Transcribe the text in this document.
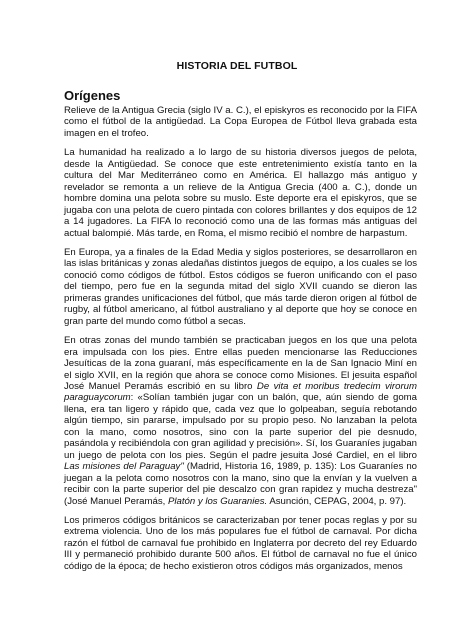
HISTORIA DEL FUTBOL
Orígenes

Relieve de la Antigua Grecia (siglo IV a. C.), el episkyros es reconocido por la FIFA como el fútbol de la antigüedad. La Copa Europea de Fútbol lleva grabada esta imagen en el trofeo.

La humanidad ha realizado a lo largo de su historia diversos juegos de pelota, desde la Antigüedad. Se conoce que este entretenimiento existía tanto en la cultura del Mar Mediterráneo como en América. El hallazgo más antiguo y revelador se remonta a un relieve de la Antigua Grecia (400 a. C.), donde un hombre domina una pelota sobre su muslo. Este deporte era el episkyros, que se jugaba con una pelota de cuero pintada con colores brillantes y dos equipos de 12 a 14 jugadores. La FIFA lo reconoció como una de las formas más antiguas del actual balompié. Más tarde, en Roma, el mismo recibió el nombre de harpastum.

En Europa, ya a finales de la Edad Media y siglos posteriores, se desarrollaron en las islas británicas y zonas aledañas distintos juegos de equipo, a los cuales se los conoció como códigos de fútbol. Estos códigos se fueron unificando con el paso del tiempo, pero fue en la segunda mitad del siglo XVII cuando se dieron las primeras grandes unificaciones del fútbol, que más tarde dieron origen al fútbol de rugby, al fútbol americano, al fútbol australiano y al deporte que hoy se conoce en gran parte del mundo como fútbol a secas.

En otras zonas del mundo también se practicaban juegos en los que una pelota era impulsada con los pies. Entre ellas pueden mencionarse las Reducciones Jesuíticas de la zona guaraní, más específicamente en la de San Ignacio Miní en el siglo XVII, en la región que ahora se conoce como Misiones. El jesuita español José Manuel Peramás escribió en su libro De vita et moribus tredecim virorum paraguaycorum: «Solían también jugar con un balón, que, aún siendo de goma llena, era tan ligero y rápido que, cada vez que lo golpeaban, seguía rebotando algún tiempo, sin pararse, impulsado por su propio peso. No lanzaban la pelota con la mano, como nosotros, sino con la parte superior del pie desnudo, pasándola y recibiéndola con gran agilidad y precisión». Sí, los Guaraníes jugaban un juego de pelota con los pies. Según el padre jesuita José Cardiel, en el libro Las misiones del Paraguay" (Madrid, Historia 16, 1989, p. 135): Los Guaraníes no juegan a la pelota como nosotros con la mano, sino que la envían y la vuelven a recibir con la parte superior del pie descalzo con gran rapidez y mucha destreza" (José Manuel Peramás, Platón y los Guaranies. Asunción, CEPAG, 2004, p. 97).

Los primeros códigos británicos se caracterizaban por tener pocas reglas y por su extrema violencia. Uno de los más populares fue el fútbol de carnaval. Por dicha razón el fútbol de carnaval fue prohibido en Inglaterra por decreto del rey Eduardo III y permaneció prohibido durante 500 años. El fútbol de carnaval no fue el único código de la época; de hecho existieron otros códigos más organizados, menos
